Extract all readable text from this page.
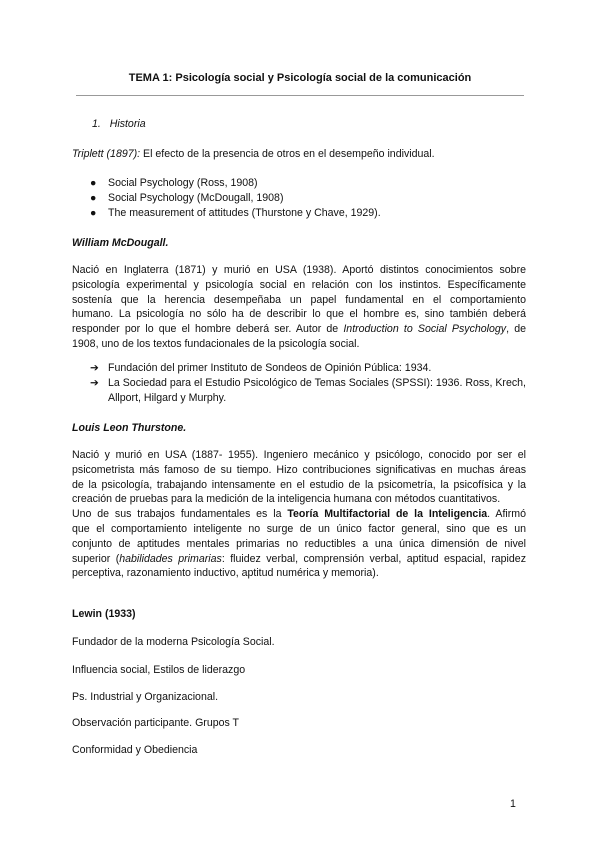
TEMA 1: Psicología social y Psicología social de la comunicación
1. Historia
Triplett (1897): El efecto de la presencia de otros en el desempeño individual.
● Social Psychology (Ross, 1908)
● Social Psychology (McDougall, 1908)
● The measurement of attitudes (Thurstone y Chave, 1929).
William McDougall.
Nació en Inglaterra (1871) y murió en USA (1938). Aportó distintos conocimientos sobre
psicología experimental y psicología social en relación con los instintos. Específicamente
sostenía que la herencia desempeñaba un papel fundamental en el comportamiento
humano. La psicología no sólo ha de describir lo que el hombre es, sino también deberá
responder por lo que el hombre deberá ser. Autor de Introduction to Social Psychology, de
1908, uno de los textos fundacionales de la psicología social.
➔ Fundación del primer Instituto de Sondeos de Opinión Pública: 1934.
➔ La Sociedad para el Estudio Psicológico de Temas Sociales (SPSSI): 1936. Ross, Krech, Allport, Hilgard y Murphy.
Louis Leon Thurstone.
Nació y murió en USA (1887- 1955). Ingeniero mecánico y psicólogo, conocido por ser el
psicometrista más famoso de su tiempo. Hizo contribuciones significativas en muchas áreas
de la psicología, trabajando intensamente en el estudio de la psicometría, la psicofísica y la
creación de pruebas para la medición de la inteligencia humana con métodos cuantitativos.
Uno de sus trabajos fundamentales es la Teoría Multifactorial de la Inteligencia. Afirmó
que el comportamiento inteligente no surge de un único factor general, sino que es un
conjunto de aptitudes mentales primarias no reductibles a una única dimensión de nivel
superior (habilidades primarias: fluidez verbal, comprensión verbal, aptitud espacial, rapidez
perceptiva, razonamiento inductivo, aptitud numérica y memoria).
Lewin (1933)
Fundador de la moderna Psicología Social.
Influencia social, Estilos de liderazgo
Ps. Industrial y Organizacional.
Observación participante. Grupos T
Conformidad y Obediencia
1
